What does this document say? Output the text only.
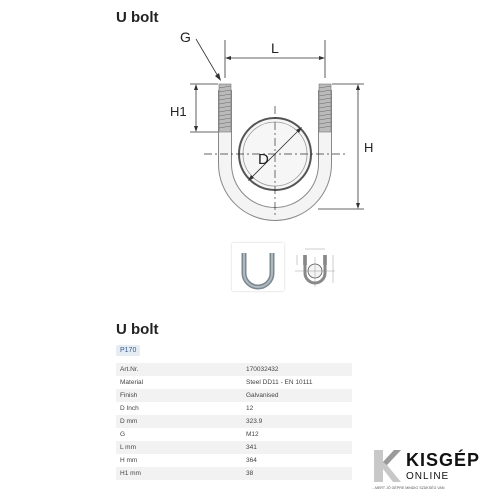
U bolt
L
G
D
H1
H
U bolt
P170
Art.Nr.	170032432
Material	Steel DD11 - EN 10111
Finish	Galvanised
D Inch	12
D mm	323.9
G	M12
L mm	341
H mm	364
H1 mm	38
KISGÉP
ONLINE
...MERT JÓ GÉPRE MINDIG SZÜKSÉG VAN
